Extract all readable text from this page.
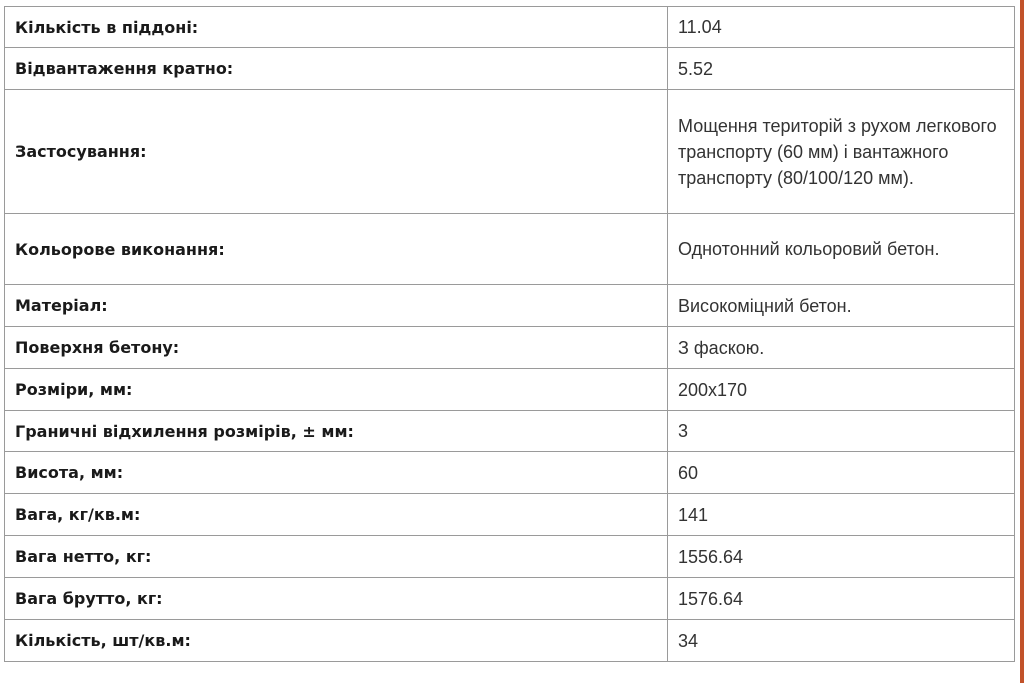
Кількість в піддоні:	11.04
Відвантаження кратно:	5.52
Застосування:	Мощення територій з рухом легкового транспорту (60 мм) і вантажного транспорту (80/100/120 мм).
Кольорове виконання:	Однотонний кольоровий бетон.
Матеріал:	Високоміцний бетон.
Поверхня бетону:	З фаскою.
Розміри, мм:	200x170
Граничні відхилення розмірів, ± мм:	3
Висота, мм:	60
Вага, кг/кв.м:	141
Вага нетто, кг:	1556.64
Вага брутто, кг:	1576.64
Кількість, шт/кв.м:	34
